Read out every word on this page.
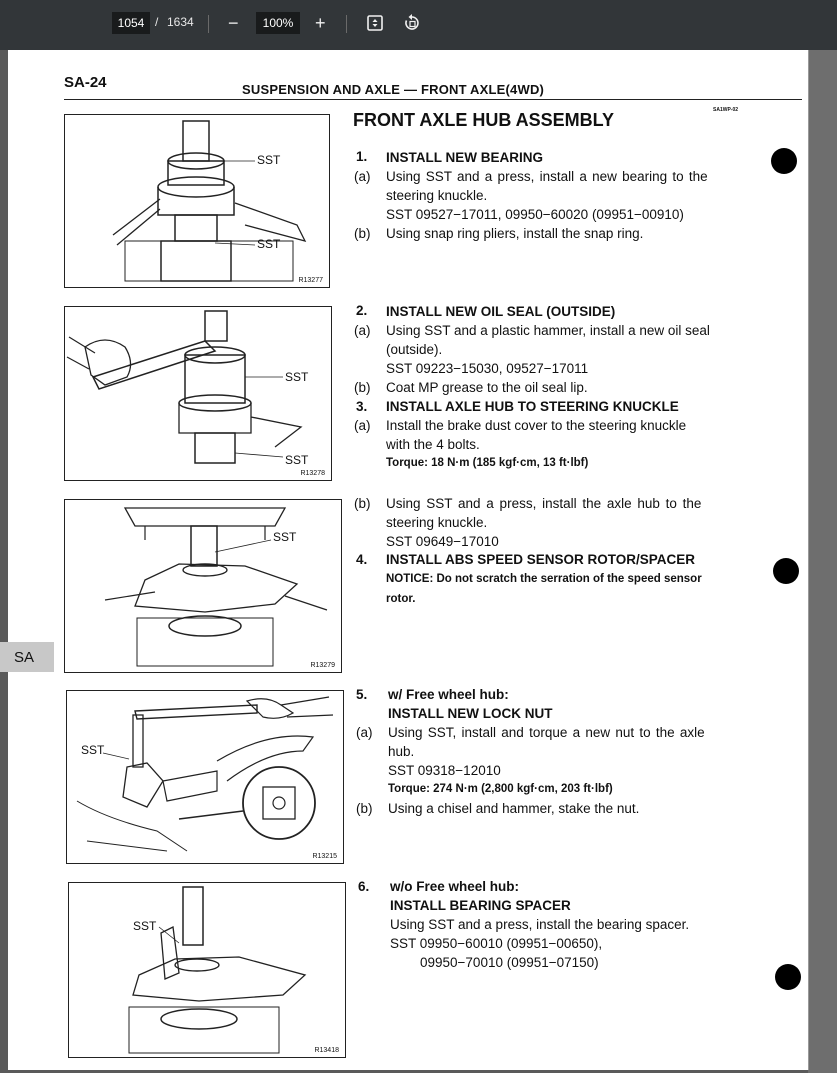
1054 / 1634 −	100%	+
SA-24	SUSPENSION AND AXLE — FRONT AXLE(4WD)
SA1WP-02
FRONT AXLE HUB ASSEMBLY
SA
SST
SST
R13277
SST
SST
R13278
SST
R13279
SST
R13215
SST
R13418
1. INSTALL NEW BEARING
(a) Using SST and a press, install a new bearing to the
steering knuckle.
SST 09527−17011, 09950−60020 (09951−00910)
(b) Using snap ring pliers, install the snap ring.
2. INSTALL NEW OIL SEAL (OUTSIDE)
(a) Using SST and a plastic hammer, install a new oil seal
(outside).
SST 09223−15030, 09527−17011
(b) Coat MP grease to the oil seal lip.
3. INSTALL AXLE HUB TO STEERING KNUCKLE
(a) Install the brake dust cover to the steering knuckle
with the 4 bolts.
Torque: 18 N·m (185 kgf·cm, 13 ft·lbf)
(b) Using SST and a press, install the axle hub to the
steering knuckle.
SST 09649−17010
4. INSTALL ABS SPEED SENSOR ROTOR/SPACER
NOTICE: Do not scratch the serration of the speed sensor
rotor.
5. w/ Free wheel hub:
INSTALL NEW LOCK NUT
(a) Using SST, install and torque a new nut to the axle
hub.
SST 09318−12010
Torque: 274 N·m (2,800 kgf·cm, 203 ft·lbf)
(b) Using a chisel and hammer, stake the nut.
6. w/o Free wheel hub:
INSTALL BEARING SPACER
Using SST and a press, install the bearing spacer.
SST 09950−60010 (09951−00650),
09950−70010 (09951−07150)
